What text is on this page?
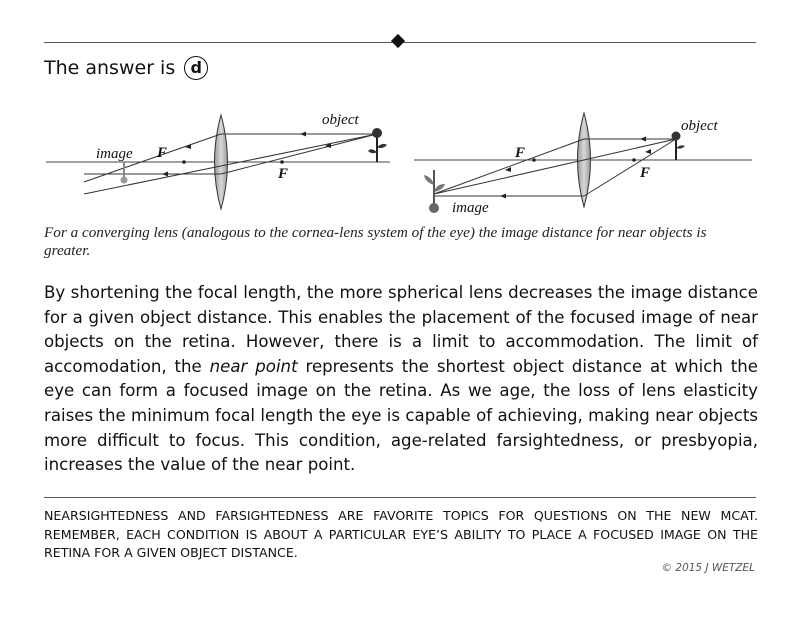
The answer is d
image
object
F
F
image
object
F
F
For a converging lens (analogous to the cornea-lens system of the eye) the image distance for near objects is greater.
By shortening the focal length, the more spherical lens decreases the image distance for a given object distance. This enables the placement of the focused image of near objects on the retina. However, there is a limit to accommodation. The limit of accomodation, the near point represents the shortest object distance at which the eye can form a focused image on the retina. As we age, the loss of lens elasticity raises the minimum focal length the eye is capable of achieving, making near objects more difficult to focus. This condition, age-related farsightedness, or presbyopia, increases the value of the near point.
NEARSIGHTEDNESS AND FARSIGHTEDNESS ARE FAVORITE TOPICS FOR QUESTIONS ON THE NEW MCAT. REMEMBER, EACH CONDITION IS ABOUT A PARTICULAR EYE’S ABILITY TO PLACE A FOCUSED IMAGE ON THE RETINA FOR A GIVEN OBJECT DISTANCE.
© 2015 J WETZEL
